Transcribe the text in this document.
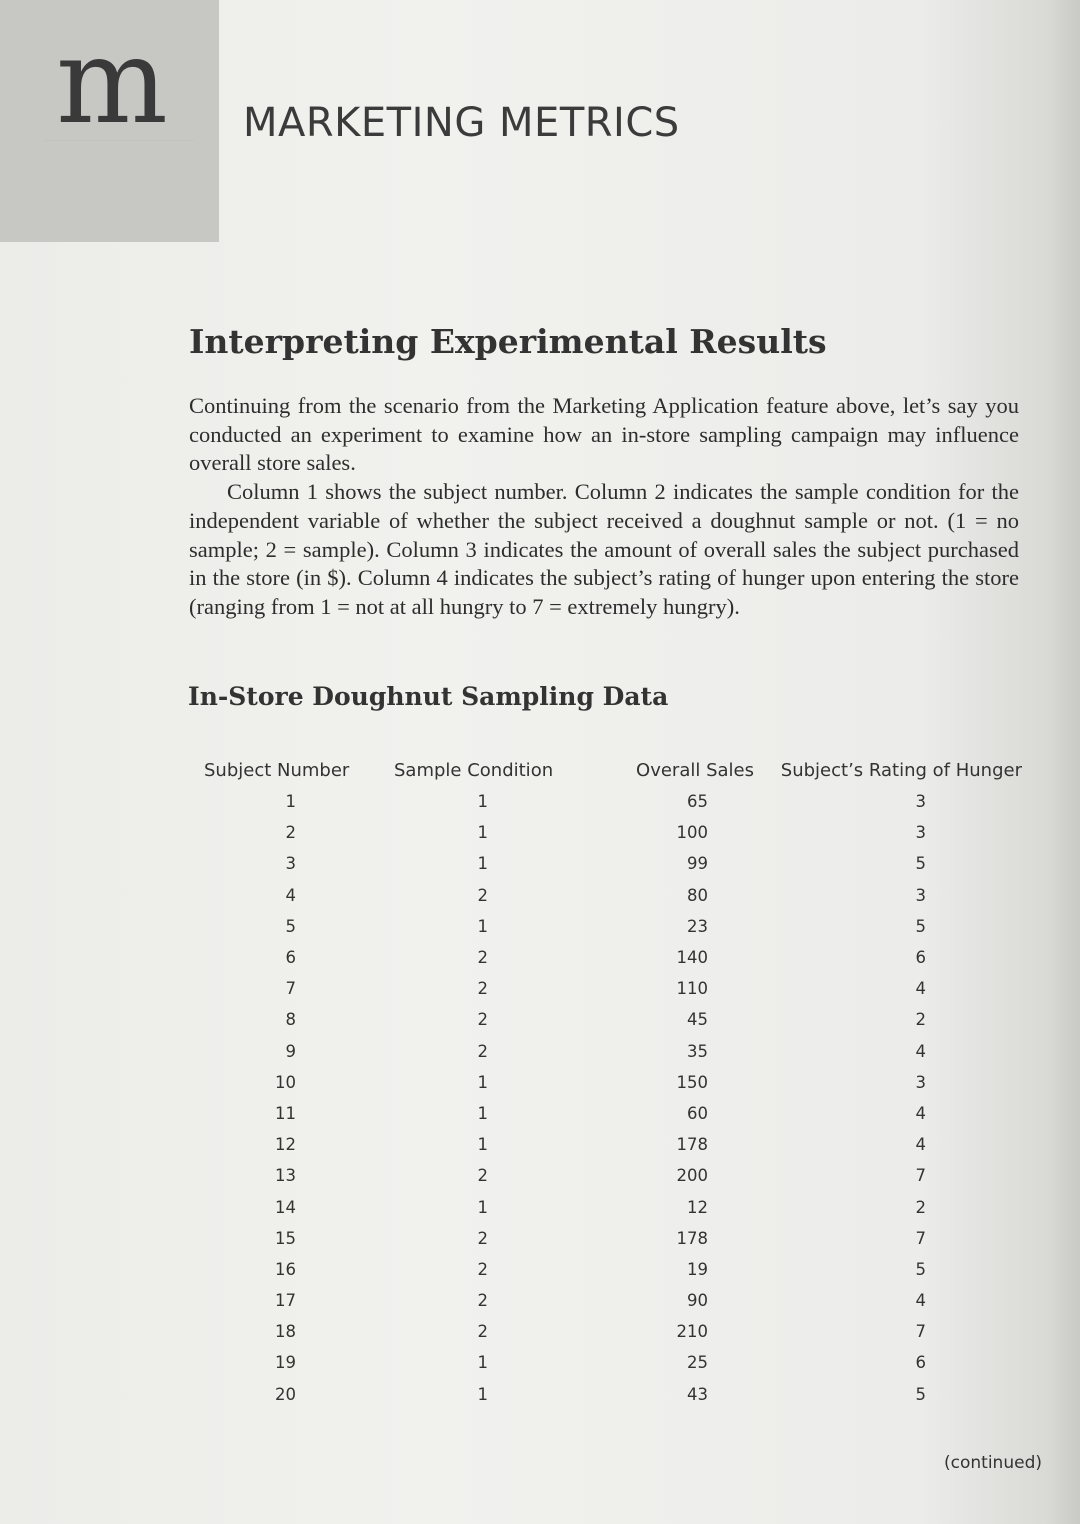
m MARKETING METRICS
Interpreting Experimental Results

Continuing from the scenario from the Marketing Application feature above, let’s say you conducted an experiment to examine how an in-store sampling campaign may influence overall store sales.

Column 1 shows the subject number. Column 2 indicates the sample condition for the independent variable of whether the subject received a doughnut sample or not. (1 = no sample; 2 = sample). Column 3 indicates the amount of overall sales the subject purchased in the store (in $). Column 4 indicates the subject’s rating of hunger upon entering the store (ranging from 1 = not at all hungry to 7 = extremely hungry).

In-Store Doughnut Sampling Data
Subject Number	Sample Condition	Overall Sales	Subject’s Rating of Hunger
1	1	65	3
2	1	100	3
3	1	99	5
4	2	80	3
5	1	23	5
6	2	140	6
7	2	110	4
8	2	45	2
9	2	35	4
10	1	150	3
11	1	60	4
12	1	178	4
13	2	200	7
14	1	12	2
15	2	178	7
16	2	19	5
17	2	90	4
18	2	210	7
19	1	25	6
20	1	43	5
(continued)
